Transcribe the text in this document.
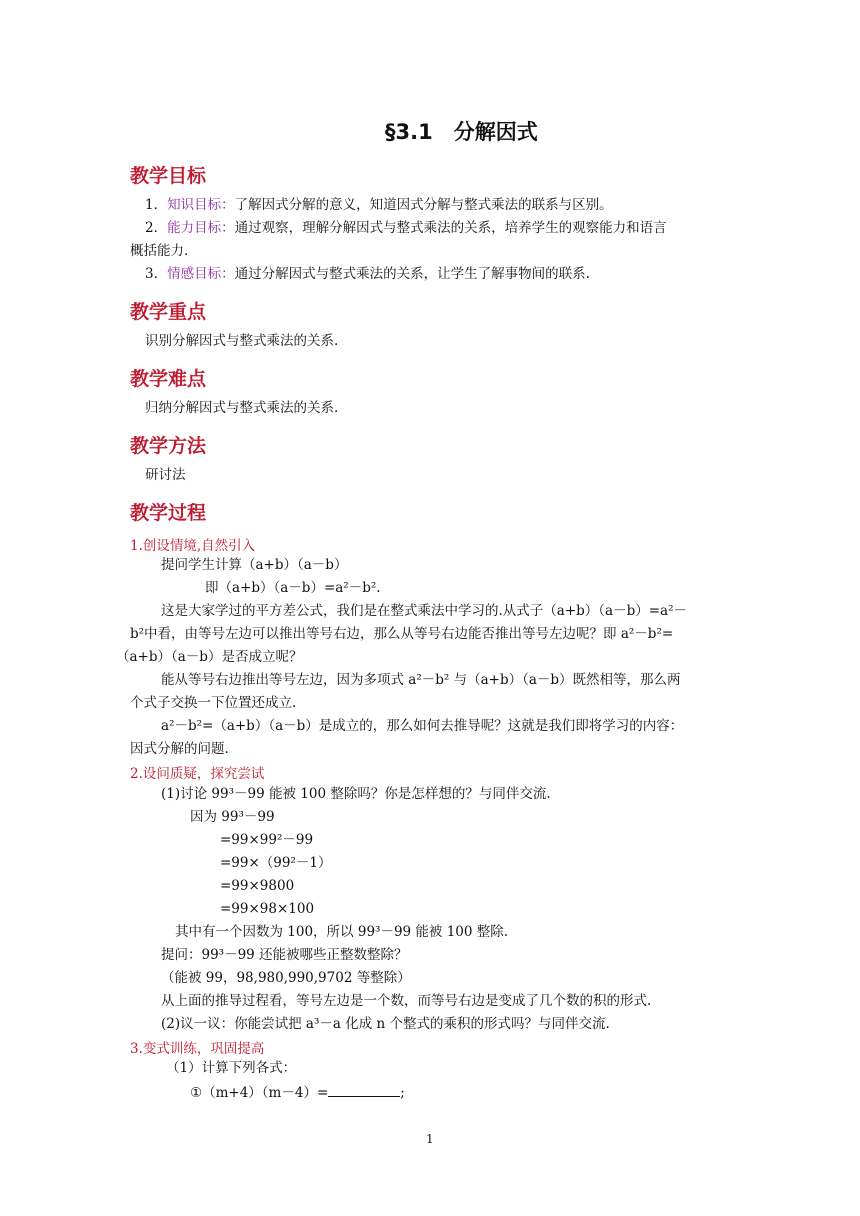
§3.1　分解因式
教学目标
1．知识目标：了解因式分解的意义，知道因式分解与整式乘法的联系与区别。
2．能力目标：通过观察，理解分解因式与整式乘法的关系，培养学生的观察能力和语言
概括能力.
3．情感目标：通过分解因式与整式乘法的关系，让学生了解事物间的联系.
教学重点
识别分解因式与整式乘法的关系.
教学难点
归纳分解因式与整式乘法的关系.
教学方法
研讨法
教学过程
1.创设情境,自然引入
提问学生计算（a+b）（a－b）
即（a+b）（a－b）=a²－b².
这是大家学过的平方差公式，我们是在整式乘法中学习的.从式子（a+b）（a－b）=a²－
b²中看，由等号左边可以推出等号右边，那么从等号右边能否推出等号左边呢？即 a²－b²=
（a+b）（a－b）是否成立呢？
能从等号右边推出等号左边，因为多项式 a²－b² 与（a+b）（a－b）既然相等，那么两
个式子交换一下位置还成立.
a²－b²=（a+b）（a－b）是成立的，那么如何去推导呢？这就是我们即将学习的内容：
因式分解的问题.
2.设问质疑，探究尝试
(1)讨论 99³－99 能被 100 整除吗？你是怎样想的？与同伴交流.
因为 99³－99
=99×99²－99
=99×（99²－1）
=99×9800
=99×98×100
其中有一个因数为 100，所以 99³－99 能被 100 整除.
提问：99³－99 还能被哪些正整数整除？
（能被 99，98,980,990,9702 等整除）
从上面的推导过程看，等号左边是一个数，而等号右边是变成了几个数的积的形式.
(2)议一议：你能尝试把 a³－a 化成 n 个整式的乘积的形式吗？与同伴交流.
3.变式训练，巩固提高
（1）计算下列各式：
①（m+4）（m－4）=	;
1
